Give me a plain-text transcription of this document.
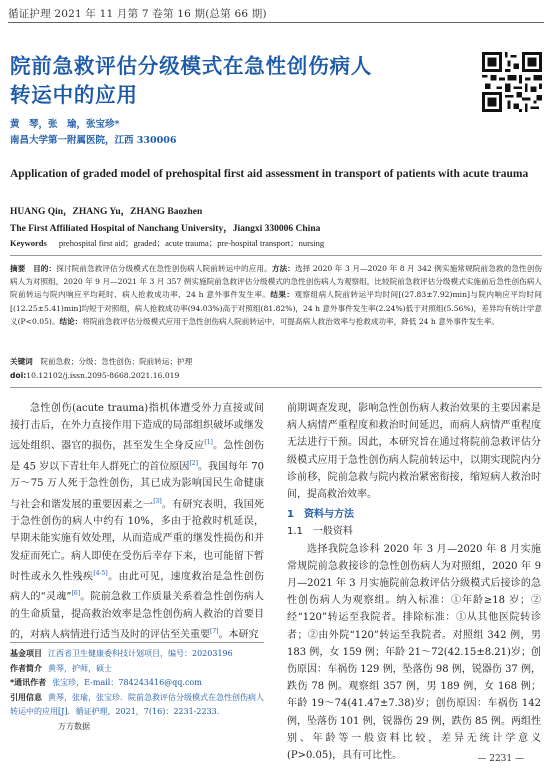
循证护理 2021 年 11 月第 7 卷第 16 期(总第 66 期)
院前急救评估分级模式在急性创伤病人
转运中的应用
黄　琴，张　瑜，张宝珍*
南昌大学第一附属医院，江西 330006
Application of graded model of prehospital first aid assessment in transport of patients with acute trauma
HUANG Qin，ZHANG Yu，ZHANG Baozhen
The First Affiliated Hospital of Nanchang University，Jiangxi 330006 China
Keywords prehospital first aid；graded；acute trauma；pre-hospital transport；nursing
摘要　 目的：探讨院前急救评估分级模式在急性创伤病人院前转运中的应用。方法：选择 2020 年 3 月—2020 年 8 月 342 例实施常规院前急救的急性创伤病人为对照组，2020 年 9 月—2021 年 3 月 357 例实施院前急救评估分级模式的急性创伤病人为观察组，比较院前急救评估分级模式实施前后急性创伤病人院前转运与院内响应平均耗时、病人抢救成功率、24 h 意外事件发生率。结果：观察组病人院前转运平均时间[(27.83±7.92)min]与院内响应平均时间[(12.25±5.41)min]均短于对照组，病人抢救成功率(94.03%)高于对照组(81.82%)，24 h 意外事件发生率(2.24%)低于对照组(5.56%)，差异均有统计学意义(P<0.05)。结论：将院前急救评估分级模式应用于急性创伤病人院前转运中，可提高病人救治效率与抢救成功率，降低 24 h 意外事件发生率。
关键词　 院前急救；分级；急性创伤；院前转运；护理
doi:10.12102/j.issn.2095-8668.2021.16.019
急性创伤(acute trauma)指机体遭受外力直接或间接打击后，在外力直接作用下造成的局部组织破坏或继发远处组织、器官的损伤，甚至发生全身反应[1]。急性创伤是 45 岁以下青壮年人群死亡的首位原因[2]。我国每年 70 万～75 万人死于急性创伤，其已成为影响国民生命健康与社会和谐发展的重要因素之一[3]。有研究表明，我国死于急性创伤的病人中约有 10%，多由于抢救时机延误，早期未能实施有效处理，从而造成严重的继发性损伤和并发症而死亡。病人即使在受伤后幸存下来，也可能留下暂时性或永久性残疾[4-5]。由此可见，速度救治是急性创伤病人的“灵魂”[6]。院前急救工作质量关系着急性创伤病人的生命质量，提高救治效率是急性创伤病人救治的首要目的，对病人病情进行适当及时的评估至关重要[7]。本研究

前期调查发现，影响急性创伤病人救治效果的主要因素是病人病情严重程度和救治时间延迟，而病人病情严重程度无法进行干预。因此，本研究旨在通过将院前急救评估分级模式应用于急性创伤病人院前转运中，以期实现院内分诊前移，院前急救与院内救治紧密衔接，缩短病人救治时间，提高救治效率。

1　资料与方法

1.1　一般资料

选择我院急诊科 2020 年 3 月—2020 年 8 月实施常规院前急救接诊的急性创伤病人为对照组，2020 年 9 月—2021 年 3 月实施院前急救评估分级模式后接诊的急性创伤病人为观察组。纳入标准：①年龄≥18 岁；②经“120”转运至我院者。排除标准：①从其他医院转诊者；②由外院“120”转运至我院者。对照组 342 例，男 183 例，女 159 例；年龄 21～72(42.15±8.21)岁；创伤原因：车祸伤 129 例，坠落伤 98 例，锐器伤 37 例，跌伤 78 例。观察组 357 例，男 189 例，女 168 例；年龄 19～74(41.47±7.38)岁；创伤原因：车祸伤 142 例，坠落伤 101 例，锐器伤 29 例，跌伤 85 例。两组性别、年龄等一般资料比较，差异无统计学意义(P>0.05)，具有可比性。

基金项目 江西省卫生健康委科技计划项目，编号：20203196
作者简介 黄琴，护师，硕士
*通讯作者 张宝珍，E-mail：784243416@qq.com
引用信息 黄琴，张瑜，张宝珍．院前急救评估分级模式在急性创伤病人转运中的应用[J]．循证护理，2021，7(16)：2231-2233.
万方数据
— 2231 —
